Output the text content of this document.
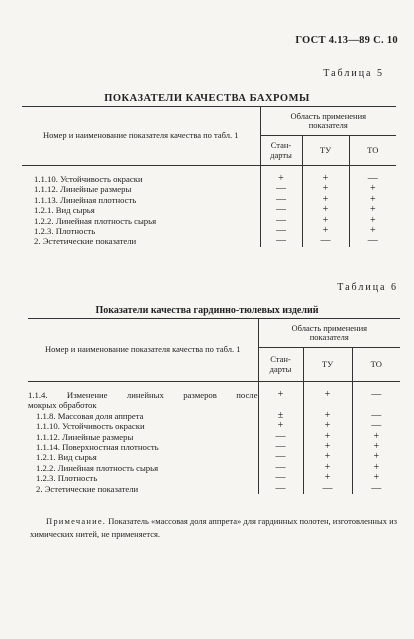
ГОСТ 4.13—89 С. 10
Таблица 5
ПОКАЗАТЕЛИ КАЧЕСТВА БАХРОМЫ
Номер и наименование показателя качества по табл. 1	Область применения показателя		
	Стан-дарты	ТУ	ТО

1.1.10. Устойчивость окраски	+	+	—
1.1.12. Линейные размеры	—	+	+
1.1.13. Линейная плотность	—	+	+
1.2.1. Вид сырья	—	+	+
1.2.2. Линейная плотность сырья	—	+	+
1.2.3. Плотность	—	+	+
2. Эстетические показатели	—	—	—
Таблица 6
Показатели качества гардинно-тюлевых изделий
Номер и наименование показателя качества по табл. 1	Область применения показателя		
	Стан-дарты	ТУ	ТО

1.1.4. Изменение линейных размеров после	+	+	—
мокрых обработок			
1.1.8. Массовая доля аппрета	±	+	—
1.1.10. Устойчивость окраски	+	+	—
1.1.12. Линейные размеры	—	+	+
1.1.14. Поверхностная плотность	—	+	+
1.2.1. Вид сырья	—	+	+
1.2.2. Линейная плотность сырья	—	+	+
1.2.3. Плотность	—	+	+
2. Эстетические показатели	—	—	—
Примечание. Показатель «массовая доля аппрета» для гардинных полотен, изготовленных из химических нитей, не применяется.
